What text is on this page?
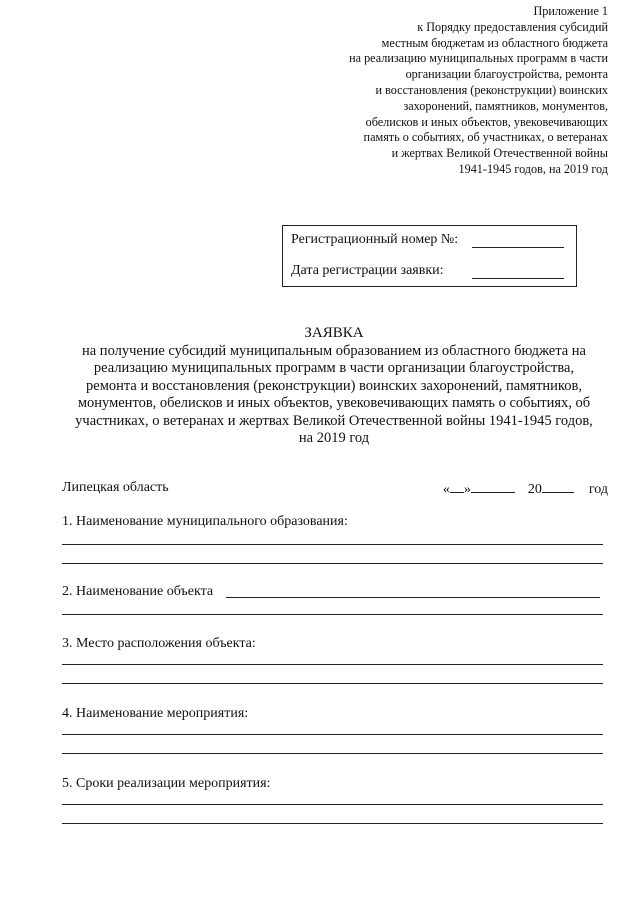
Приложение 1
к Порядку предоставления субсидий
местным бюджетам из областного бюджета
на реализацию муниципальных программ в части
организации благоустройства, ремонта
и восстановления (реконструкции) воинских
захоронений, памятников, монументов,
обелисков и иных объектов, увековечивающих
память о событиях, об участниках, о ветеранах
и жертвах Великой Отечественной войны
1941-1945 годов, на 2019 год
Регистрационный номер №:
Дата регистрации заявки:
ЗАЯВКА
на получение субсидий муниципальным образованием из областного бюджета на
реализацию муниципальных программ в части организации благоустройства,
ремонта и восстановления (реконструкции) воинских захоронений, памятников,
монументов, обелисков и иных объектов, увековечивающих память о событиях, об
участниках, о ветеранах и жертвах Великой Отечественной войны 1941-1945 годов,
на 2019 год
Липецкая область	« »	20	год
1. Наименование муниципального образования:
2. Наименование объекта
3. Место расположения объекта:
4. Наименование мероприятия:
5. Сроки реализации мероприятия:
